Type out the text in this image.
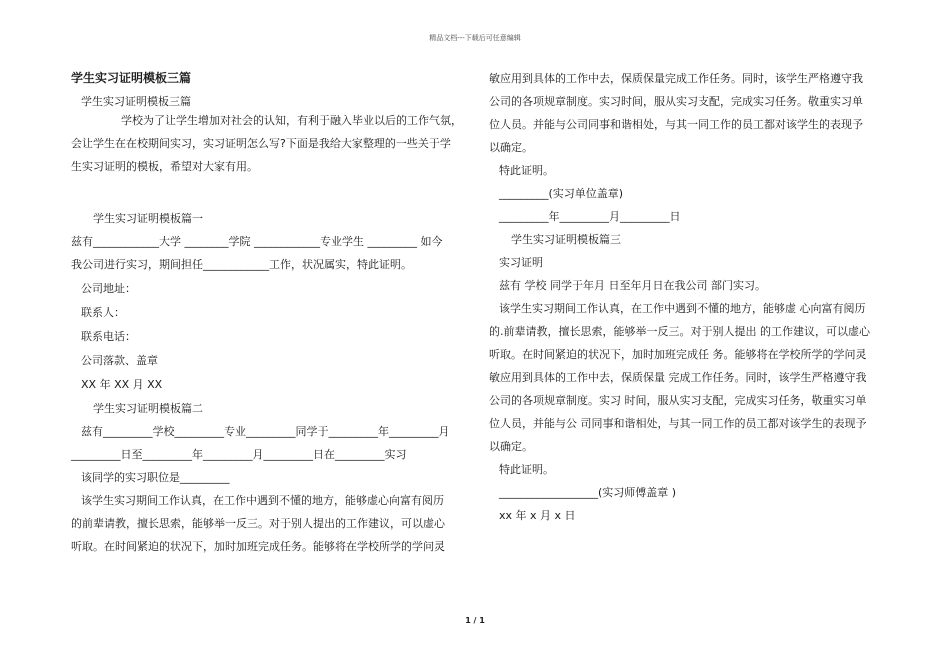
精品文档---下载后可任意编辑

学生实习证明模板三篇

学生实习证明模板三篇

学校为了让学生增加对社会的认知，有利于融入毕业以后的工作气氛，

会让学生在在校期间实习，实习证明怎么写?下面是我给大家整理的一些关于学

生实习证明的模板，希望对大家有用。

学生实习证明模板篇一

兹有____________大学 ________学院 ____________专业学生 _________ 如今

我公司进行实习，期间担任____________工作，状况属实，特此证明。

公司地址：

联系人：

联系电话：

公司落款、盖章

XX 年 XX 月 XX

学生实习证明模板篇二

兹有_________学校_________专业_________同学于_________年_________月

_________日至_________年_________月_________日在_________实习

该同学的实习职位是_________

该学生实习期间工作认真，在工作中遇到不懂的地方，能够虚心向富有阅历

的前辈请教，擅长思索，能够举一反三。对于别人提出的工作建议，可以虚心

听取。在时间紧迫的状况下，加时加班完成任务。能够将在学校所学的学问灵

敏应用到具体的工作中去，保质保量完成工作任务。同时，该学生严格遵守我

公司的各项规章制度。实习时间，服从实习支配，完成实习任务。敬重实习单

位人员。并能与公司同事和谐相处，与其一同工作的员工都对该学生的表现予

以确定。

特此证明。

_________(实习单位盖章)

_________年_________月_________日

学生实习证明模板篇三

实习证明

兹有 学校 同学于年月 日至年月日在我公司 部门实习。

该学生实习期间工作认真，在工作中遇到不懂的地方，能够虚 心向富有阅历

的.前辈请教，擅长思索，能够举一反三。对于别人提出 的工作建议，可以虚心

听取。在时间紧迫的状况下，加时加班完成任 务。能够将在学校所学的学问灵

敏应用到具体的工作中去，保质保量 完成工作任务。同时，该学生严格遵守我

公司的各项规章制度。实习 时间，服从实习支配，完成实习任务，敬重实习单

位人员，并能与公 司同事和谐相处，与其一同工作的员工都对该学生的表现予

以确定。

特此证明。

__________________(实习师傅盖章 )

xx 年 x 月 x 日

1 / 1
